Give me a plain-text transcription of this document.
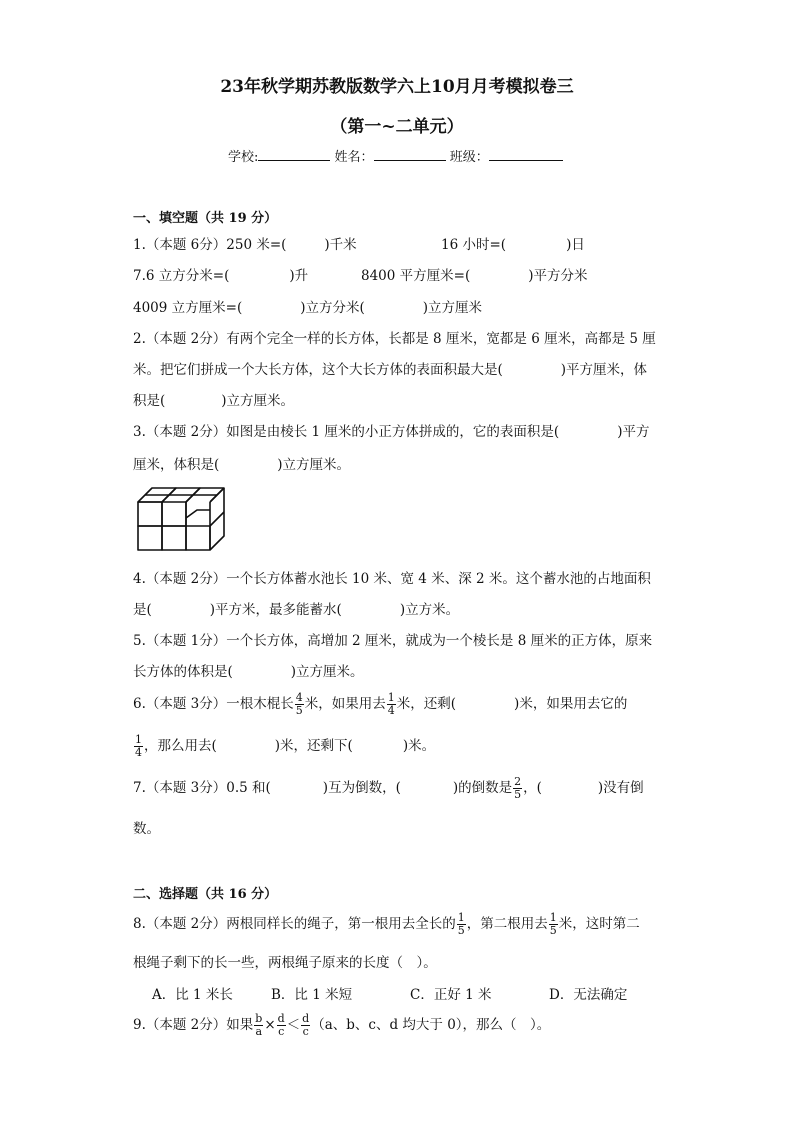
23年秋学期苏教版数学六上10月月考模拟卷三
（第一~二单元）
学校:	姓名：	班级：
一、填空题（共 19 分）
1.（本题 6分）250 米=(	)千米	16 小时=(	)日
7.6 立方分米=(	)升	8400 平方厘米=(	)平方分米
4009 立方厘米=(	)立方分米(	)立方厘米
2.（本题 2分）有两个完全一样的长方体，长都是 8 厘米，宽都是 6 厘米，高都是 5 厘
米。把它们拼成一个大长方体，这个大长方体的表面积最大是(	)平方厘米，体
积是(	)立方厘米。
3.（本题 2分）如图是由棱长 1 厘米的小正方体拼成的，它的表面积是(	)平方
厘米，体积是(	)立方厘米。
4.（本题 2分）一个长方体蓄水池长 10 米、宽 4 米、深 2 米。这个蓄水池的占地面积
是(	)平方米，最多能蓄水(	)立方米。
5.（本题 1分）一个长方体，高增加 2 厘米，就成为一个棱长是 8 厘米的正方体，原来
长方体的体积是(	)立方厘米。
6.（本题 3分）一根木棍长 $\frac{4}{5}$ 米，如果用去 $\frac{1}{4}$ 米，还剩(	)米，如果用去它的
$\frac{1}{4}$ ，那么用去(	)米，还剩下(	)米。
7.（本题 3分）0.5 和(	)互为倒数，(	)的倒数是 $\frac{2}{5}$ ，(	)没有倒
数。
二、选择题（共 16 分）
8.（本题 2分）两根同样长的绳子，第一根用去全长的 $\frac{1}{5}$ ，第二根用去 $\frac{1}{5}$ 米，这时第二
根绳子剩下的长一些，两根绳子原来的长度（　）。
A．比 1 米长	B．比 1 米短	C．正好 1 米	D．无法确定
9.（本题 2分）如果 $\frac{b}{a} \times \frac{d}{c} < \frac{d}{c} (a$、b、c、d 均大于 0），那么（　）。
